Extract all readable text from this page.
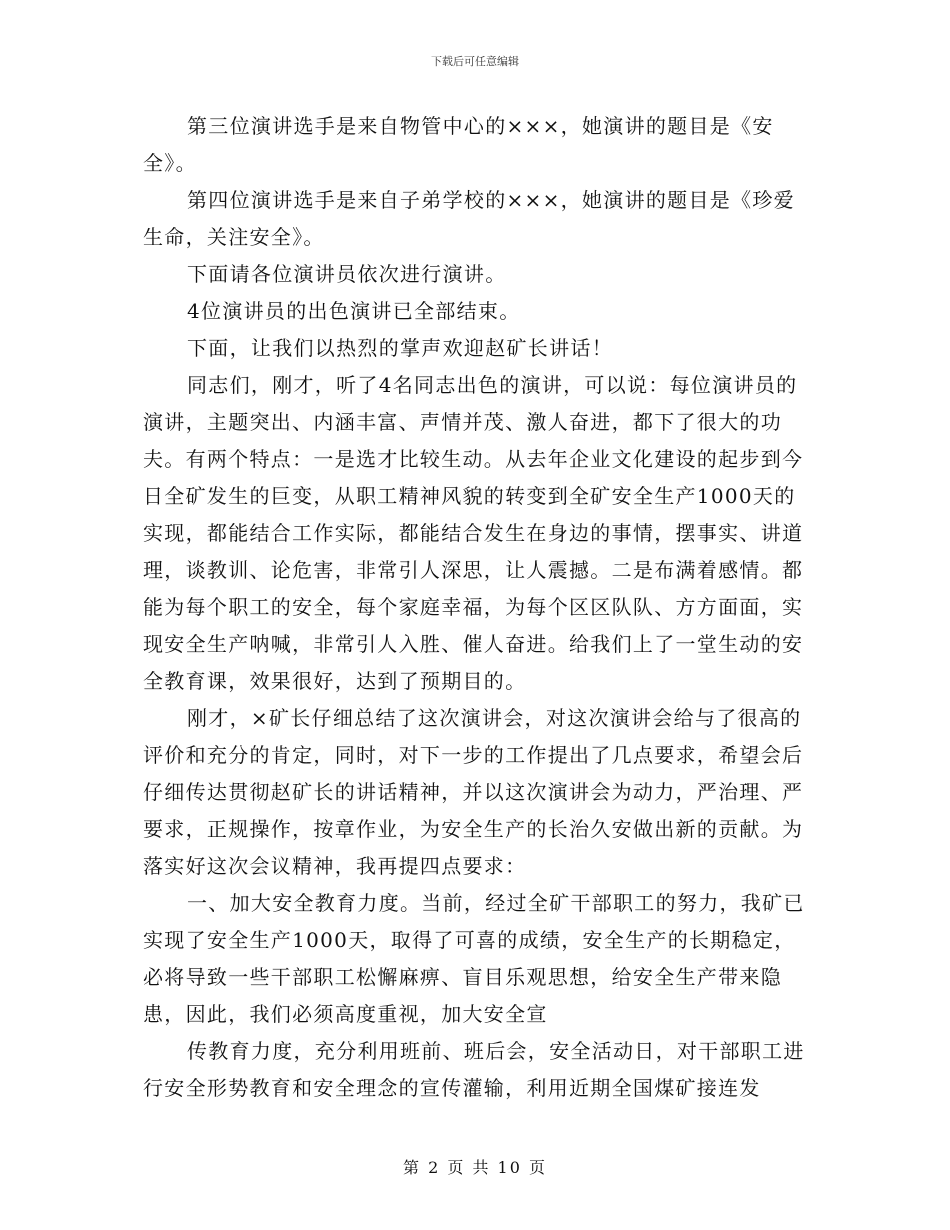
下载后可任意编辑

第三位演讲选手是来自物管中心的×××，她演讲的题目是《安全》。

第四位演讲选手是来自子弟学校的×××，她演讲的题目是《珍爱生命，关注安全》。

下面请各位演讲员依次进行演讲。

4位演讲员的出色演讲已全部结束。

下面，让我们以热烈的掌声欢迎赵矿长讲话！

同志们，刚才，听了4名同志出色的演讲，可以说：每位演讲员的演讲，主题突出、内涵丰富、声情并茂、激人奋进，都下了很大的功夫。有两个特点：一是选才比较生动。从去年企业文化建设的起步到今日全矿发生的巨变，从职工精神风貌的转变到全矿安全生产1000天的实现，都能结合工作实际，都能结合发生在身边的事情，摆事实、讲道理，谈教训、论危害，非常引人深思，让人震撼。二是布满着感情。都能为每个职工的安全，每个家庭幸福，为每个区区队队、方方面面，实现安全生产呐喊，非常引人入胜、催人奋进。给我们上了一堂生动的安全教育课，效果很好，达到了预期目的。

刚才，×矿长仔细总结了这次演讲会，对这次演讲会给与了很高的评价和充分的肯定，同时，对下一步的工作提出了几点要求，希望会后仔细传达贯彻赵矿长的讲话精神，并以这次演讲会为动力，严治理、严要求，正规操作，按章作业，为安全生产的长治久安做出新的贡献。为落实好这次会议精神，我再提四点要求：

一、加大安全教育力度。当前，经过全矿干部职工的努力，我矿已实现了安全生产1000天，取得了可喜的成绩，安全生产的长期稳定，必将导致一些干部职工松懈麻痹、盲目乐观思想，给安全生产带来隐患，因此，我们必须高度重视，加大安全宣

传教育力度，充分利用班前、班后会，安全活动日，对干部职工进行安全形势教育和安全理念的宣传灌输，利用近期全国煤矿接连发

第 2 页 共 10 页
